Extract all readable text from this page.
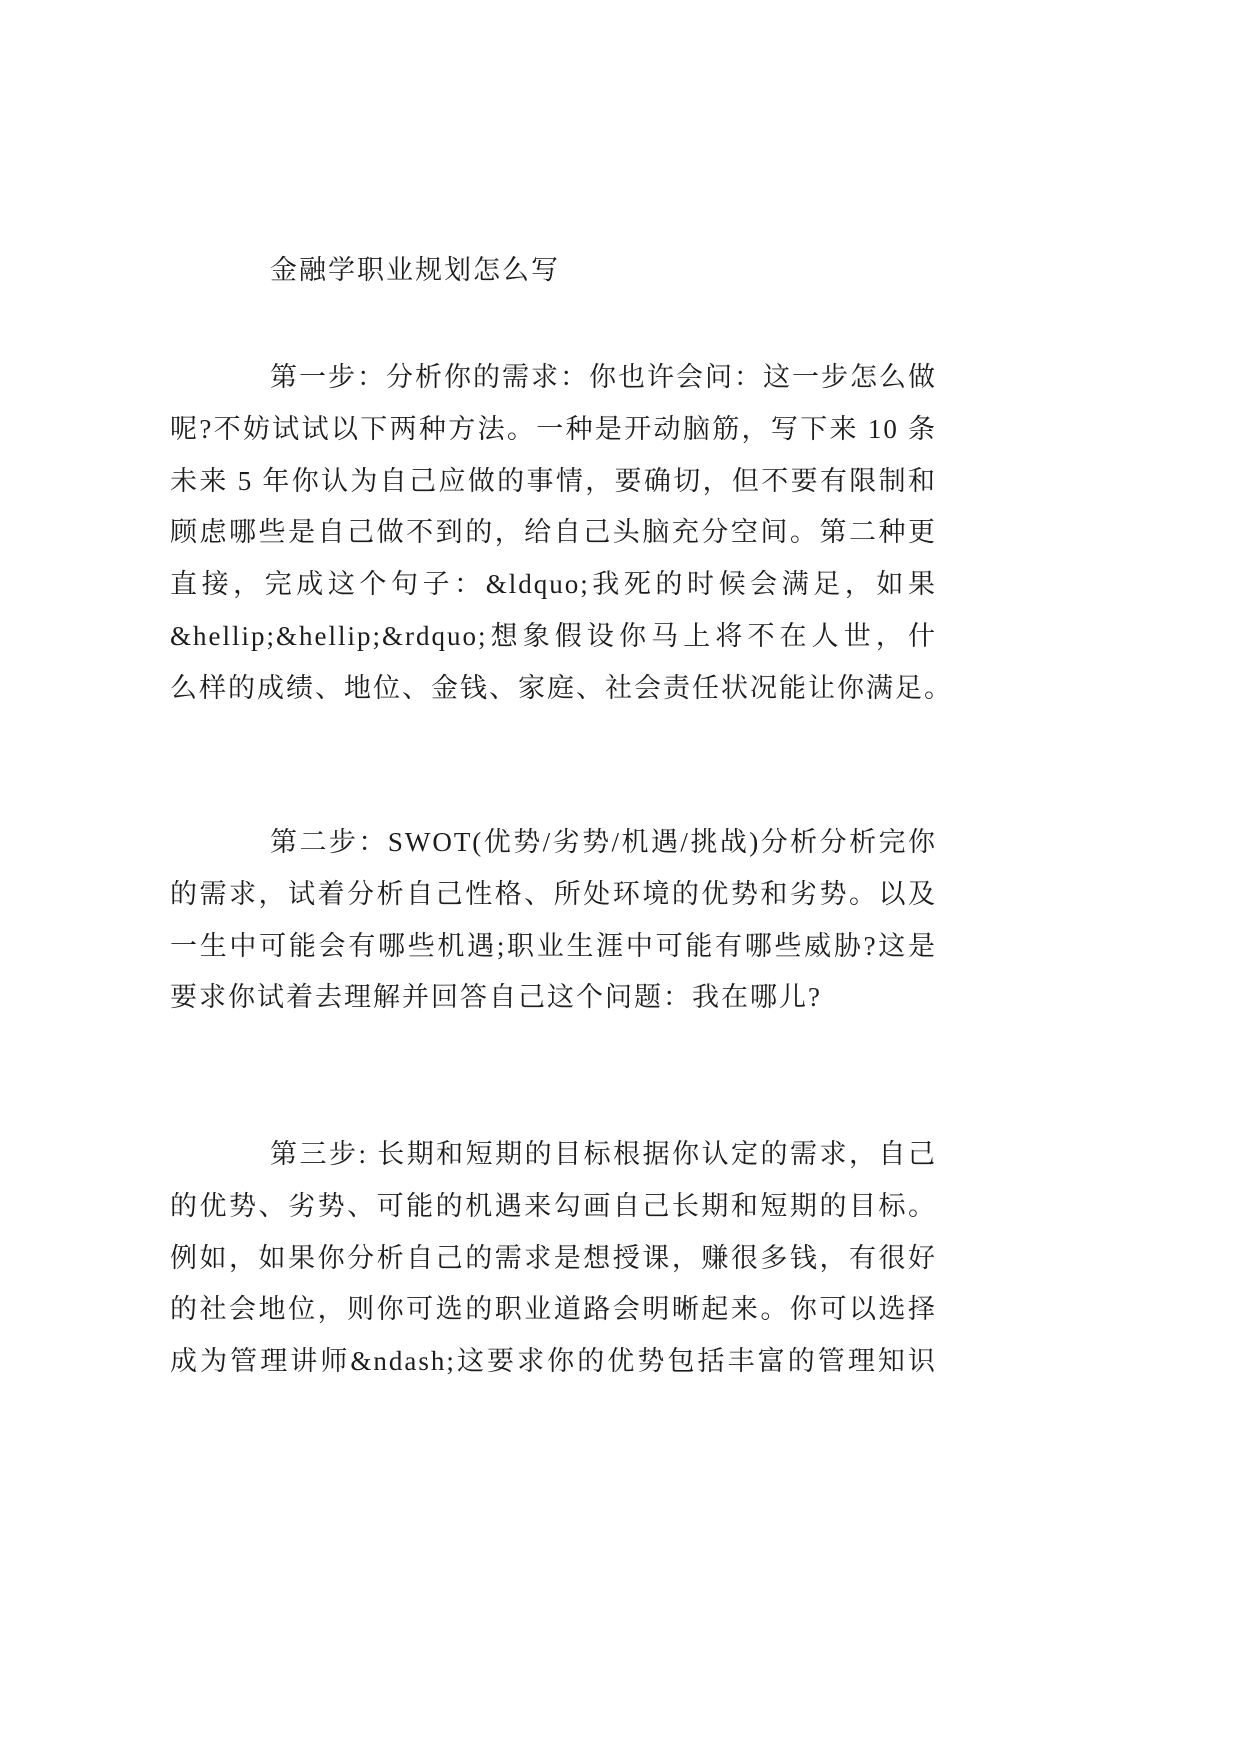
金融学职业规划怎么写
第一步：分析你的需求：你也许会问：这一步怎么做
呢?不妨试试以下两种方法。一种是开动脑筋，写下来 10 条
未来 5 年你认为自己应做的事情，要确切，但不要有限制和
顾虑哪些是自己做不到的，给自己头脑充分空间。第二种更
直接，完成这个句子：&ldquo;我死的时候会满足，如果
&hellip;&hellip;&rdquo;想象假设你马上将不在人世，什
么样的成绩、地位、金钱、家庭、社会责任状况能让你满足。
第二步：SWOT(优势/劣势/机遇/挑战)分析分析完你
的需求，试着分析自己性格、所处环境的优势和劣势。以及
一生中可能会有哪些机遇;职业生涯中可能有哪些威胁?这是
要求你试着去理解并回答自己这个问题：我在哪儿?
第三步: 长期和短期的目标根据你认定的需求，自己
的优势、劣势、可能的机遇来勾画自己长期和短期的目标。
例如，如果你分析自己的需求是想授课，赚很多钱，有很好
的社会地位，则你可选的职业道路会明晰起来。你可以选择
成为管理讲师&ndash;这要求你的优势包括丰富的管理知识
